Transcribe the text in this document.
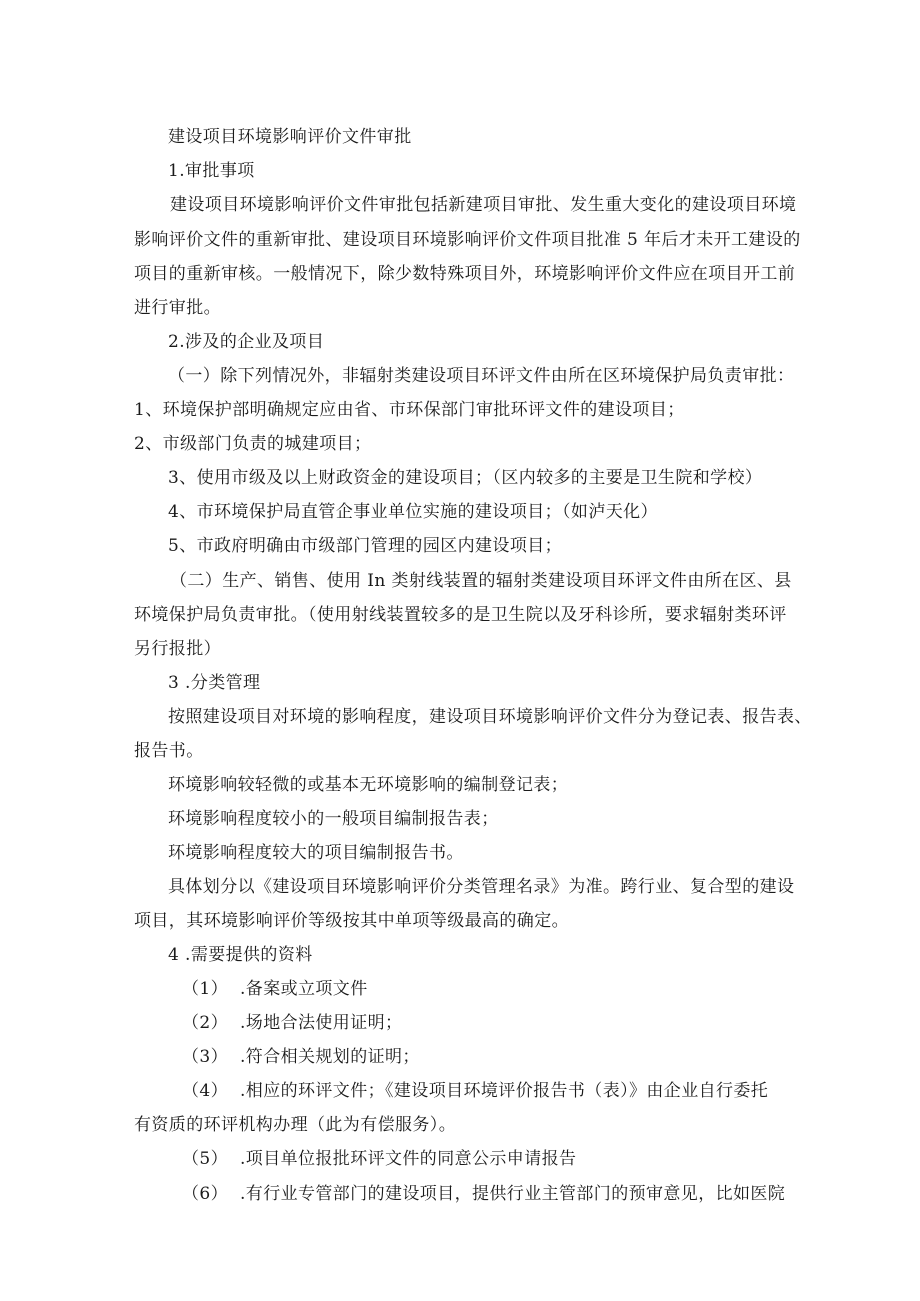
建设项目环境影响评价文件审批
1.审批事项
建设项目环境影响评价文件审批包括新建项目审批、发生重大变化的建设项目环境
影响评价文件的重新审批、建设项目环境影响评价文件项目批准 5 年后才未开工建设的
项目的重新审核。一般情况下，除少数特殊项目外，环境影响评价文件应在项目开工前
进行审批。
2.涉及的企业及项目
（一）除下列情况外，非辐射类建设项目环评文件由所在区环境保护局负责审批：
1、环境保护部明确规定应由省、市环保部门审批环评文件的建设项目；
2、市级部门负责的城建项目；
3、使用市级及以上财政资金的建设项目；（区内较多的主要是卫生院和学校）
4、市环境保护局直管企事业单位实施的建设项目；（如泸天化）
5、市政府明确由市级部门管理的园区内建设项目；
（二）生产、销售、使用 In 类射线装置的辐射类建设项目环评文件由所在区、县
环境保护局负责审批。（使用射线装置较多的是卫生院以及牙科诊所，要求辐射类环评
另行报批）
3 .分类管理
按照建设项目对环境的影响程度，建设项目环境影响评价文件分为登记表、报告表、
报告书。
环境影响较轻微的或基本无环境影响的编制登记表；
环境影响程度较小的一般项目编制报告表；
环境影响程度较大的项目编制报告书。
具体划分以《建设项目环境影响评价分类管理名录》为准。跨行业、复合型的建设
项目，其环境影响评价等级按其中单项等级最高的确定。
4 .需要提供的资料
（1） .备案或立项文件
（2） .场地合法使用证明；
（3） .符合相关规划的证明；
（4） .相应的环评文件；《建设项目环境评价报告书（表）》由企业自行委托
有资质的环评机构办理（此为有偿服务）。
（5） .项目单位报批环评文件的同意公示申请报告
（6） .有行业专管部门的建设项目，提供行业主管部门的预审意见，比如医院
